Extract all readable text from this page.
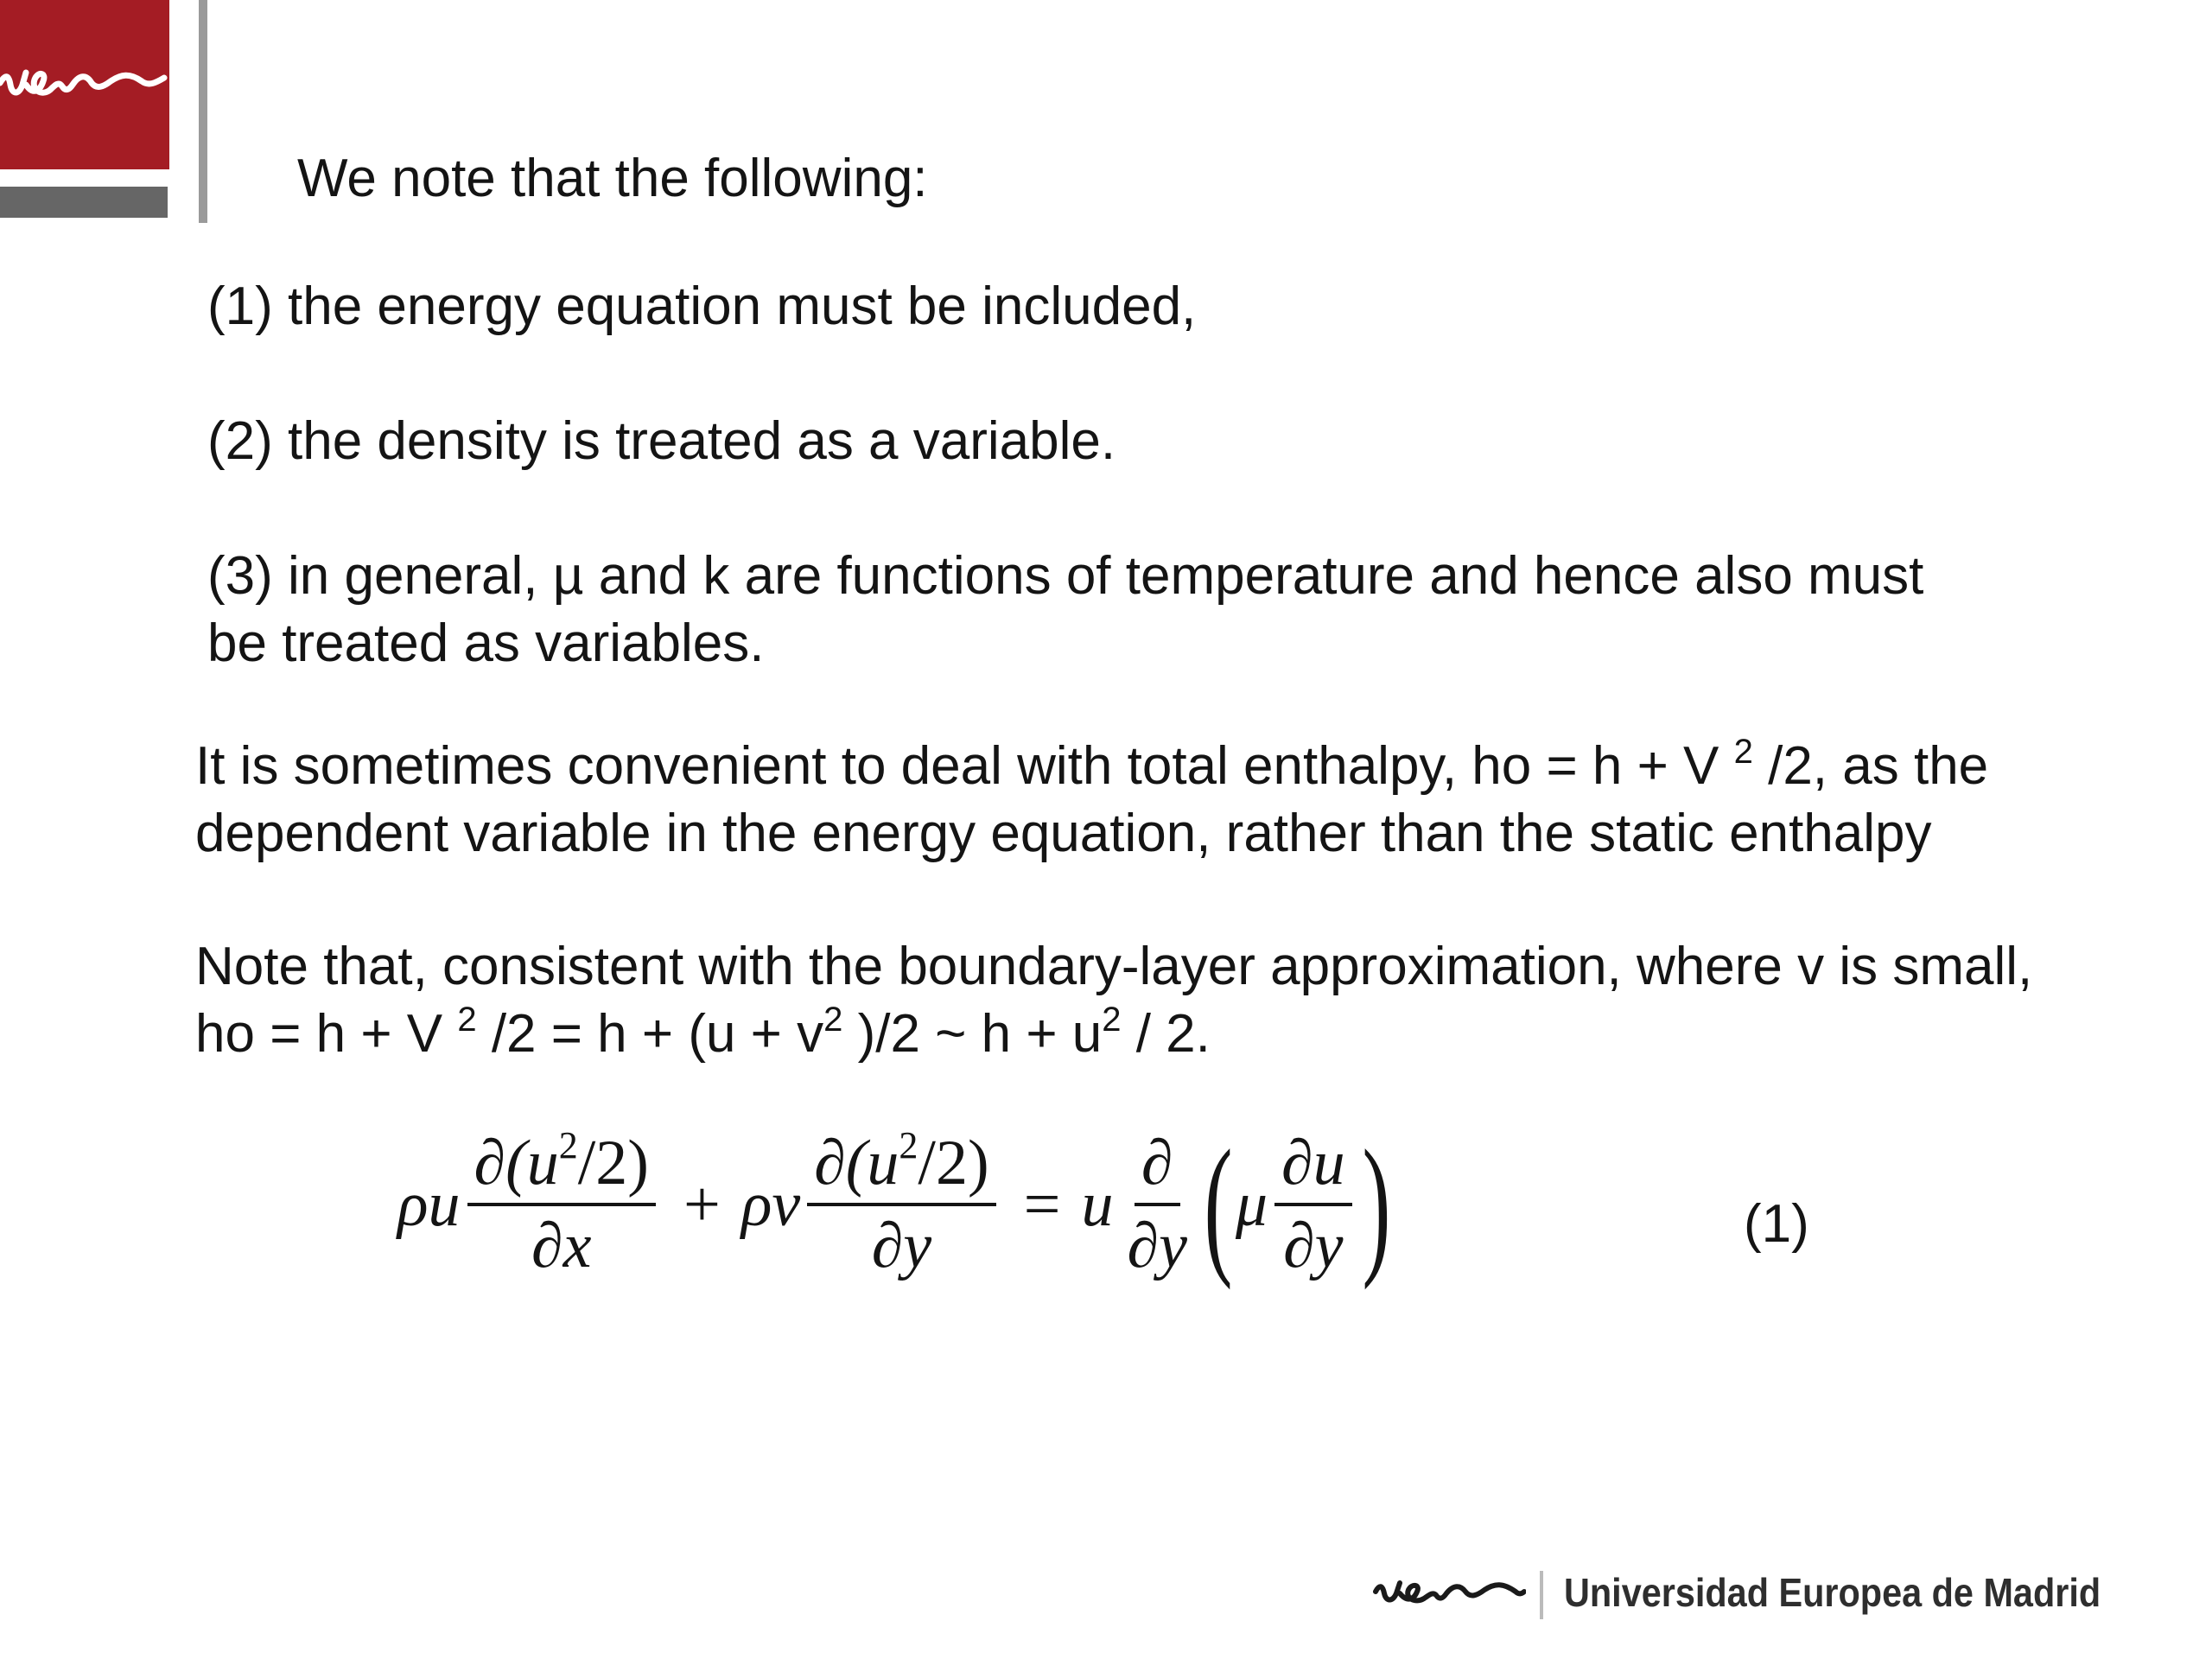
We note that the following:
(1) the energy equation must be included,
(2) the density is treated as a variable.
(3) in general, µ and k are functions of temperature and hence also must
be treated as variables.
It is sometimes convenient to deal with total enthalpy, ho = h + V $^2$ /2, as the
dependent variable in the energy equation, rather than the static enthalpy
Note that, consistent with the boundary-layer approximation, where v is small,
ho = h + V $^2$ $/2 = h + (u + v^2$ )/2 ~ $h + u^2 / 2$.
ρu $\frac{\partial(u^2/2)}{\partial x} + \rho v \frac{\partial(u^2/2)}{\partial y} = u \frac{\partial}{\partial y}$ ( μ $\frac{\partial u}{\partial y}$ )	(1)
Universidad Europea de Madrid
